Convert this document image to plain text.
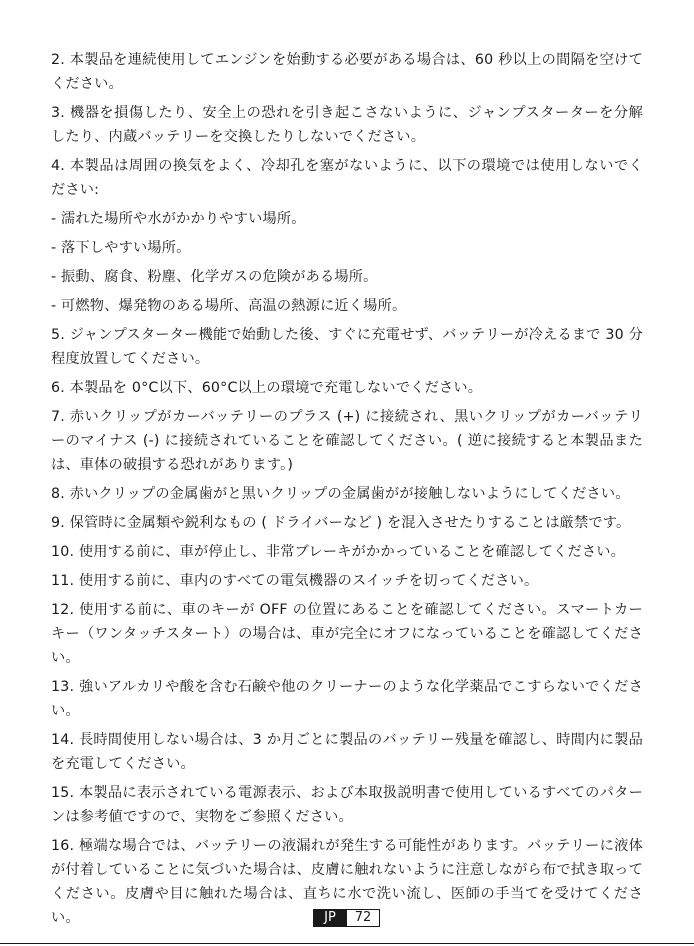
2. 本製品を連続使用してエンジンを始動する必要がある場合は、60 秒以上の間隔を空けてください。

3. 機器を損傷したり、安全上の恐れを引き起こさないように、ジャンプスターターを分解したり、内蔵バッテリーを交換したりしないでください。

4. 本製品は周囲の換気をよく、冷却孔を塞がないように、以下の環境では使用しないでください:

- 濡れた場所や水がかかりやすい場所。

- 落下しやすい場所。

- 振動、腐食、粉塵、化学ガスの危険がある場所。

- 可燃物、爆発物のある場所、高温の熱源に近く場所。

5. ジャンプスターター機能で始動した後、すぐに充電せず、バッテリーが冷えるまで 30 分程度放置してください。

6. 本製品を 0°C以下、60°C以上の環境で充電しないでください。

7. 赤いクリップがカーバッテリーのプラス (+) に接続され、黒いクリップがカーバッテリーのマイナス (-) に接続されていることを確認してください。( 逆に接続すると本製品または、車体の破損する恐れがあります。)

8. 赤いクリップの金属歯がと黒いクリップの金属歯がが接触しないようにしてください。

9. 保管時に金属類や鋭利なもの ( ドライバーなど ) を混入させたりすることは厳禁です。

10. 使用する前に、車が停止し、非常ブレーキがかかっていることを確認してください。

11. 使用する前に、車内のすべての電気機器のスイッチを切ってください。

12. 使用する前に、車のキーが OFF の位置にあることを確認してください。スマートカーキー（ワンタッチスタート）の場合は、車が完全にオフになっていることを確認してください。

13. 強いアルカリや酸を含む石鹸や他のクリーナーのような化学薬品でこすらないでください。

14. 長時間使用しない場合は、3 か月ごとに製品のバッテリー残量を確認し、時間内に製品を充電してください。

15. 本製品に表示されている電源表示、および本取扱説明書で使用しているすべてのパターンは参考値ですので、実物をご参照ください。

16. 極端な場合では、バッテリーの液漏れが発生する可能性があります。バッテリーに液体が付着していることに気づいた場合は、皮膚に触れないように注意しながら布で拭き取ってください。皮膚や目に触れた場合は、直ちに水で洗い流し、医師の手当てを受けてください。	JP	72
